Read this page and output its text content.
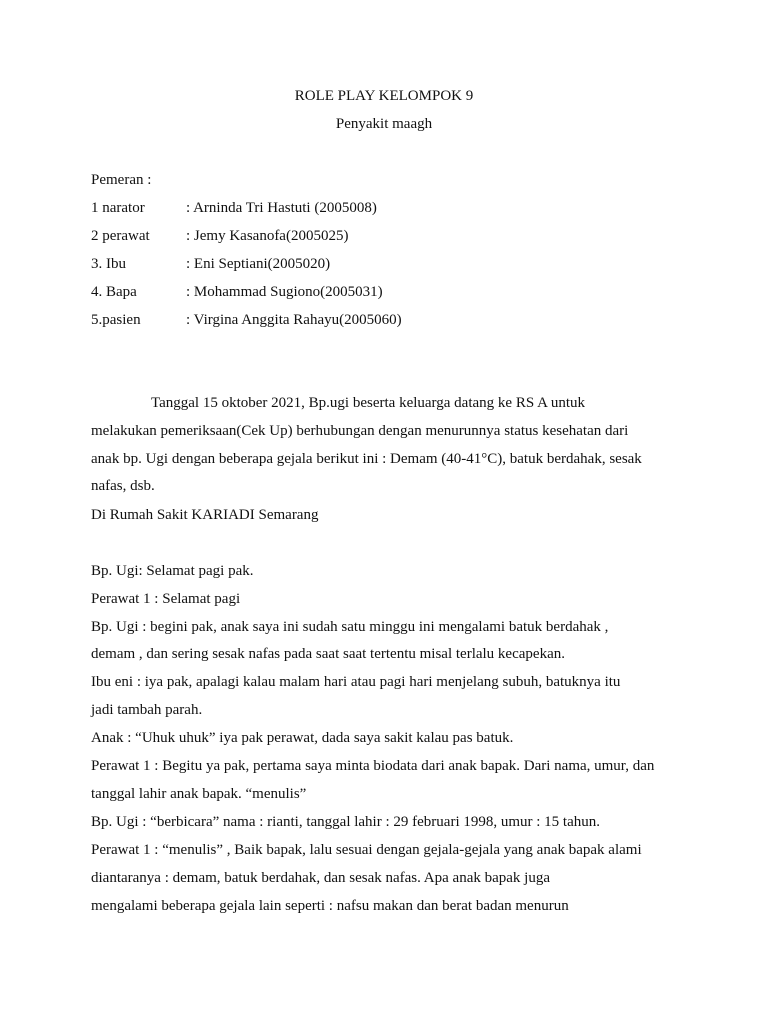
ROLE PLAY KELOMPOK 9
Penyakit maagh
Pemeran :
1 narator	: Arninda Tri Hastuti (2005008)
2 perawat : Jemy Kasanofa(2005025)
3. Ibu	: Eni Septiani(2005020)
4. Bapa	: Mohammad Sugiono(2005031)
5.pasien	: Virgina Anggita Rahayu(2005060)
Tanggal 15 oktober 2021, Bp.ugi beserta keluarga datang ke RS A untuk
melakukan pemeriksaan(Cek Up) berhubungan dengan menurunnya status kesehatan dari
anak bp. Ugi dengan beberapa gejala berikut ini : Demam (40-41°C), batuk berdahak, sesak
nafas, dsb.
Di Rumah Sakit KARIADI Semarang
Bp. Ugi: Selamat pagi pak.
Perawat 1 : Selamat pagi
Bp. Ugi : begini pak, anak saya ini sudah satu minggu ini mengalami batuk berdahak ,
demam , dan sering sesak nafas pada saat saat tertentu misal terlalu kecapekan.
Ibu eni : iya pak, apalagi kalau malam hari atau pagi hari menjelang subuh, batuknya itu
jadi tambah parah.
Anak : “Uhuk uhuk” iya pak perawat, dada saya sakit kalau pas batuk.
Perawat 1 : Begitu ya pak, pertama saya minta biodata dari anak bapak. Dari nama, umur, dan
tanggal lahir anak bapak. “menulis”
Bp. Ugi : “berbicara” nama : rianti, tanggal lahir : 29 februari 1998, umur : 15 tahun.
Perawat 1 : “menulis” , Baik bapak, lalu sesuai dengan gejala-gejala yang anak bapak alami
diantaranya : demam, batuk berdahak, dan sesak nafas. Apa anak bapak juga
mengalami beberapa gejala lain seperti : nafsu makan dan berat badan menurun
